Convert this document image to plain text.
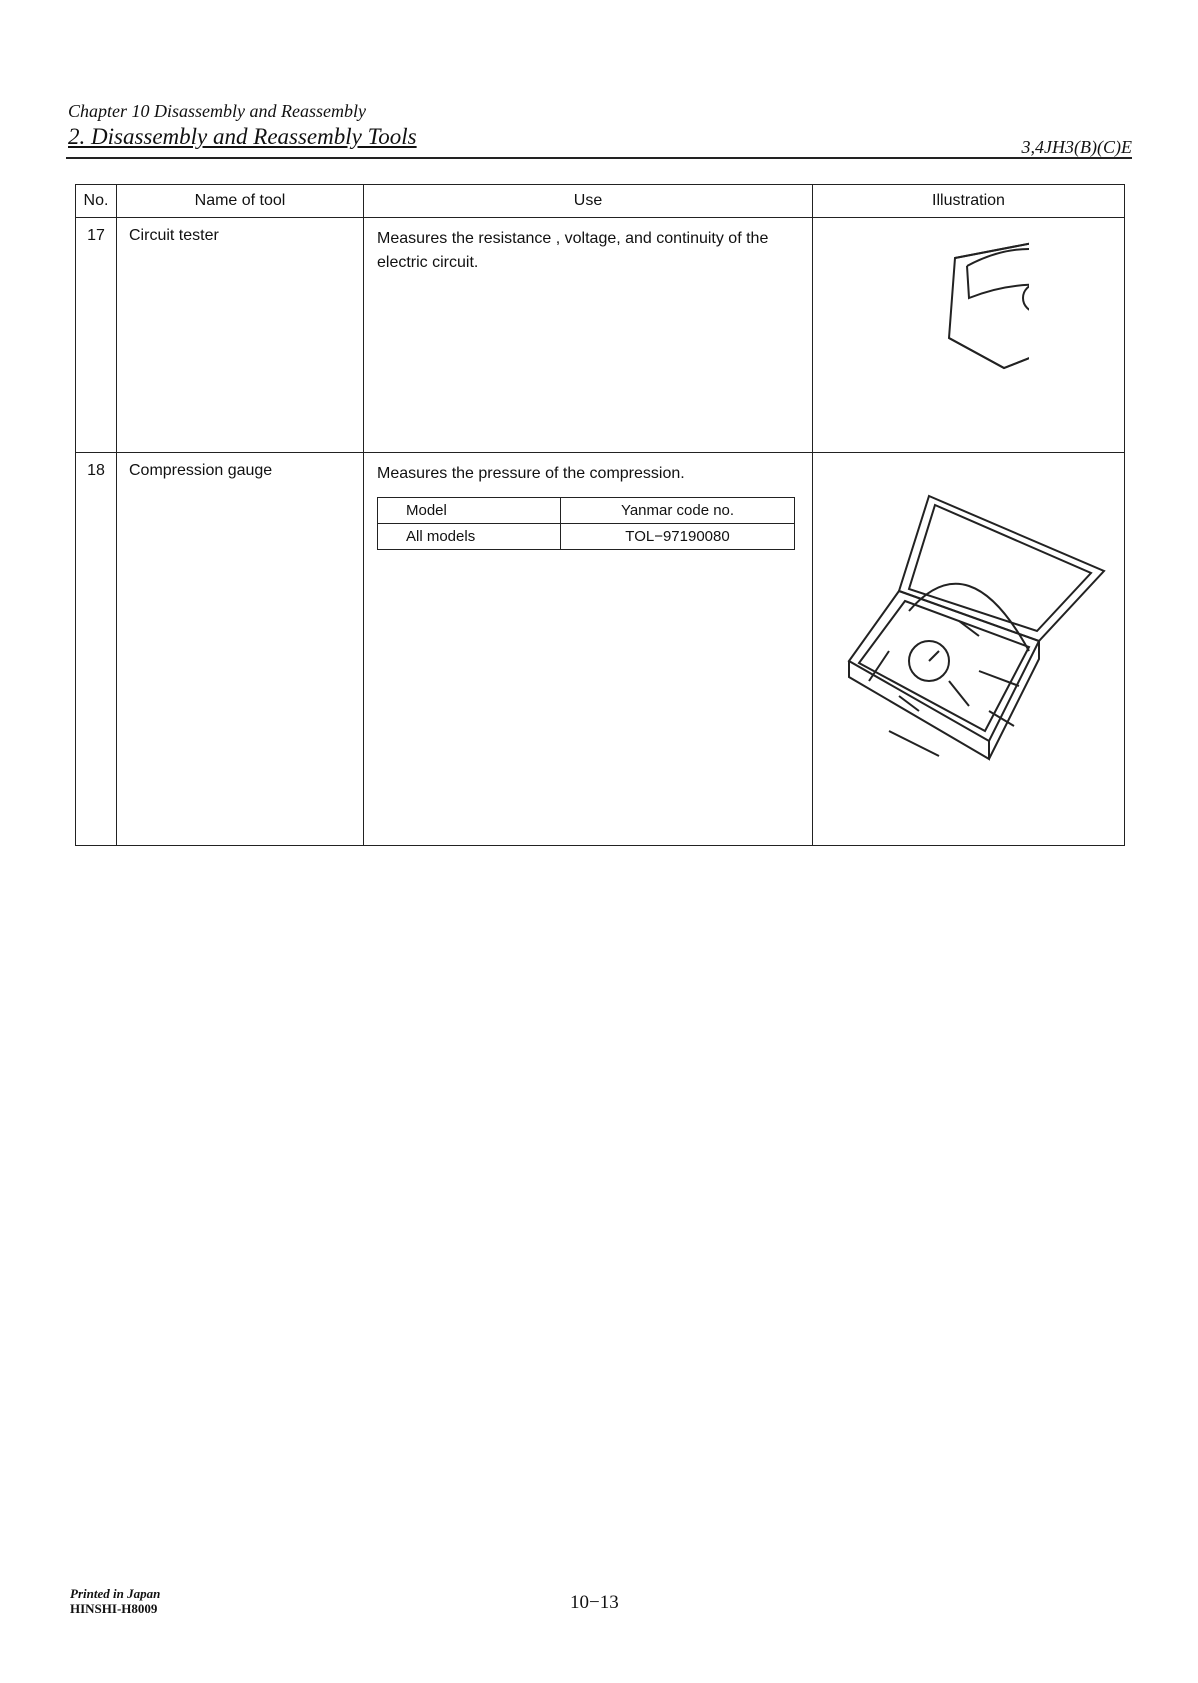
Chapter 10 Disassembly and Reassembly
2. Disassembly and Reassembly Tools	3,4JH3(B)(C)E
No.	Name of tool	Use	Illustration
17	Circuit tester	Measures the resistance , voltage, and continuity of the electric circuit.	

18	Compression gauge	Measures the pressure of the compression.
Model	Yanmar code no.
All models	TOL−97190080

Printed in Japan
HINSHI-H8009	10−13
